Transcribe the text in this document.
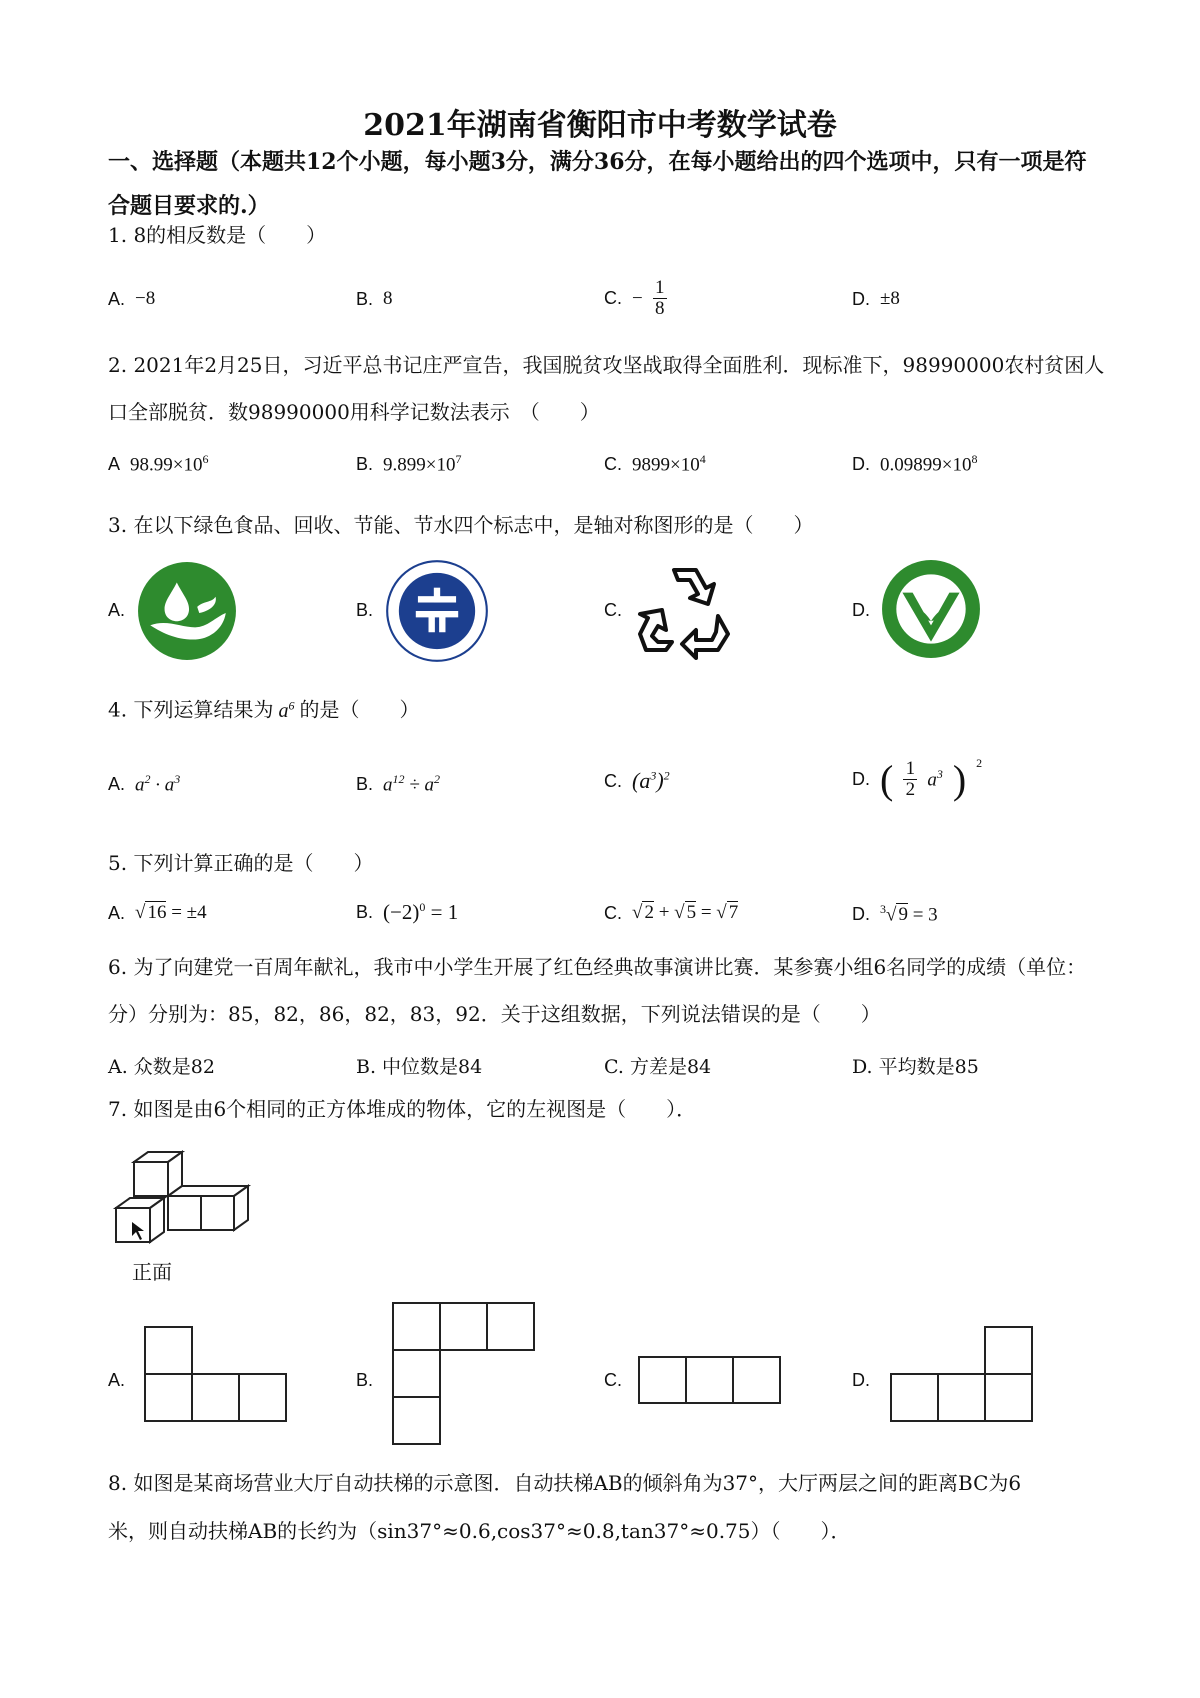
2021年湖南省衡阳市中考数学试卷
一、选择题（本题共12个小题，每小题3分，满分36分，在每小题给出的四个选项中，只有一项是符合题目要求的.）
1. 8的相反数是（　　）
A. −8	B. 8	C. − $\frac{1}{8}$	D. ±8
2. 2021年2月25日，习近平总书记庄严宣告，我国脱贫攻坚战取得全面胜利．现标准下，98990000农村贫困人口全部脱贫．数98990000用科学记数法表示　（　　）
A $98.99\times 10^6$	B. $9.899\times 10^7$	C. $9899\times 10^4$	D. $0.09899\times 10^8$
3. 在以下绿色食品、回收、节能、节水四个标志中，是轴对称图形的是（　　）
A.	B.	C.	D.
4. 下列运算结果为 $a^6$ 的是（　　）
A. $a^2 \cdot a^3$	B. $a^{12} \div a^2$	C. $(a^3)^2$	D. ( $\frac{1}{2} a^3$ ) $^2$
5. 下列计算正确的是（　　）
A. √ 16 = ±4	B. $(-2)^0 = 1$	C. √ 2 + √ 5 = √ 7	D. $^3$√ 9 = 3
6. 为了向建党一百周年献礼，我市中小学生开展了红色经典故事演讲比赛．某参赛小组6名同学的成绩（单位：分）分别为：85，82，86，82，83，92．关于这组数据，下列说法错误的是（　　）
A. 众数是82	B. 中位数是84	C. 方差是84	D. 平均数是85
7. 如图是由6个相同的正方体堆成的物体，它的左视图是（　　）．
正面
A.	B.	C.	D.
8. 如图是某商场营业大厅自动扶梯的示意图．自动扶梯AB的倾斜角为37°，大厅两层之间的距离BC为6
米，则自动扶梯AB的长约为（sin37°≈0.6,cos37°≈0.8,tan37°≈0.75）（　　）．
